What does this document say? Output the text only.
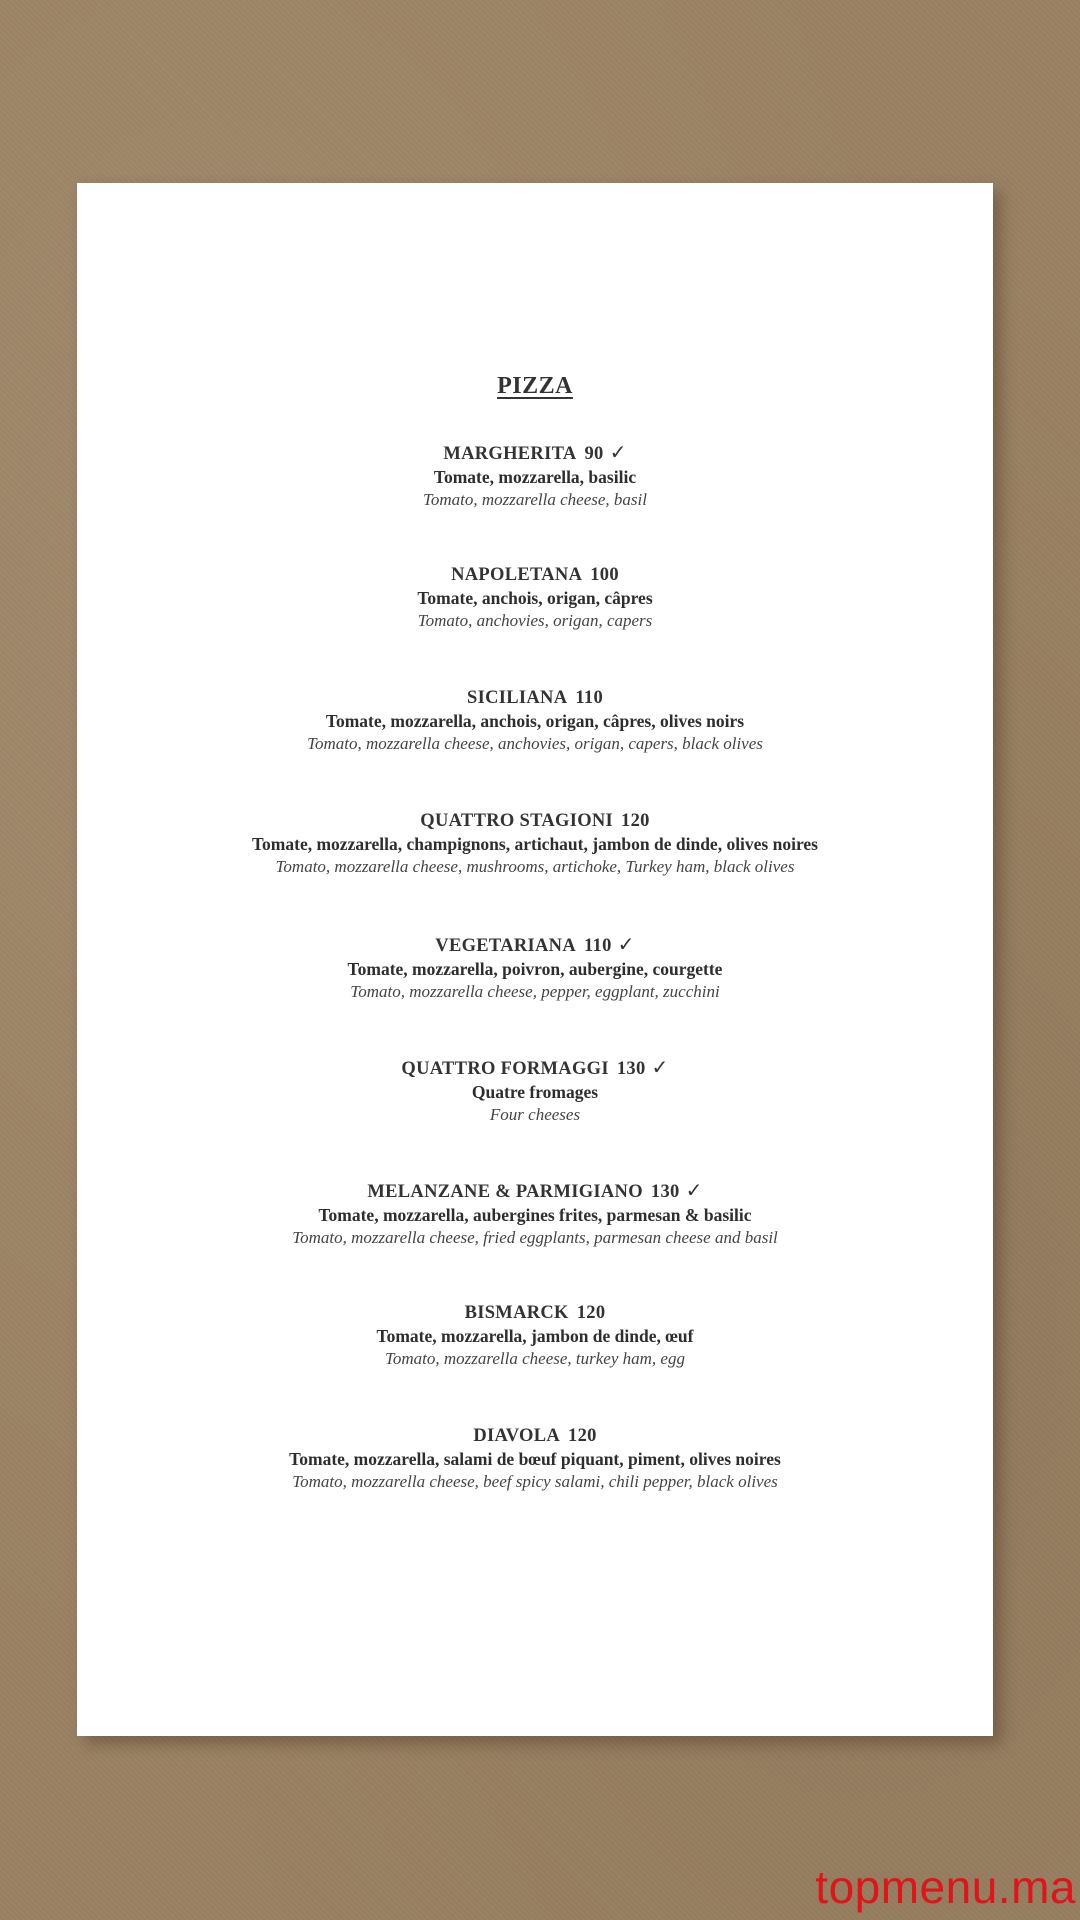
PIZZA
MARGHERITA 90 ✓
Tomate, mozzarella, basilic
Tomato, mozzarella cheese, basil
NAPOLETANA 100
Tomate, anchois, origan, câpres
Tomato, anchovies, origan, capers
SICILIANA 110
Tomate, mozzarella, anchois, origan, câpres, olives noirs
Tomato, mozzarella cheese, anchovies, origan, capers, black olives
QUATTRO STAGIONI 120
Tomate, mozzarella, champignons, artichaut, jambon de dinde, olives noires
Tomato, mozzarella cheese, mushrooms, artichoke, Turkey ham, black olives
VEGETARIANA 110 ✓
Tomate, mozzarella, poivron, aubergine, courgette
Tomato, mozzarella cheese, pepper, eggplant, zucchini
QUATTRO FORMAGGI 130 ✓
Quatre fromages
Four cheeses
MELANZANE & PARMIGIANO 130 ✓
Tomate, mozzarella, aubergines frites, parmesan & basilic
Tomato, mozzarella cheese, fried eggplants, parmesan cheese and basil
BISMARCK 120
Tomate, mozzarella, jambon de dinde, œuf
Tomato, mozzarella cheese, turkey ham, egg
DIAVOLA 120
Tomate, mozzarella, salami de bœuf piquant, piment, olives noires
Tomato, mozzarella cheese, beef spicy salami, chili pepper, black olives
topmenu.ma
